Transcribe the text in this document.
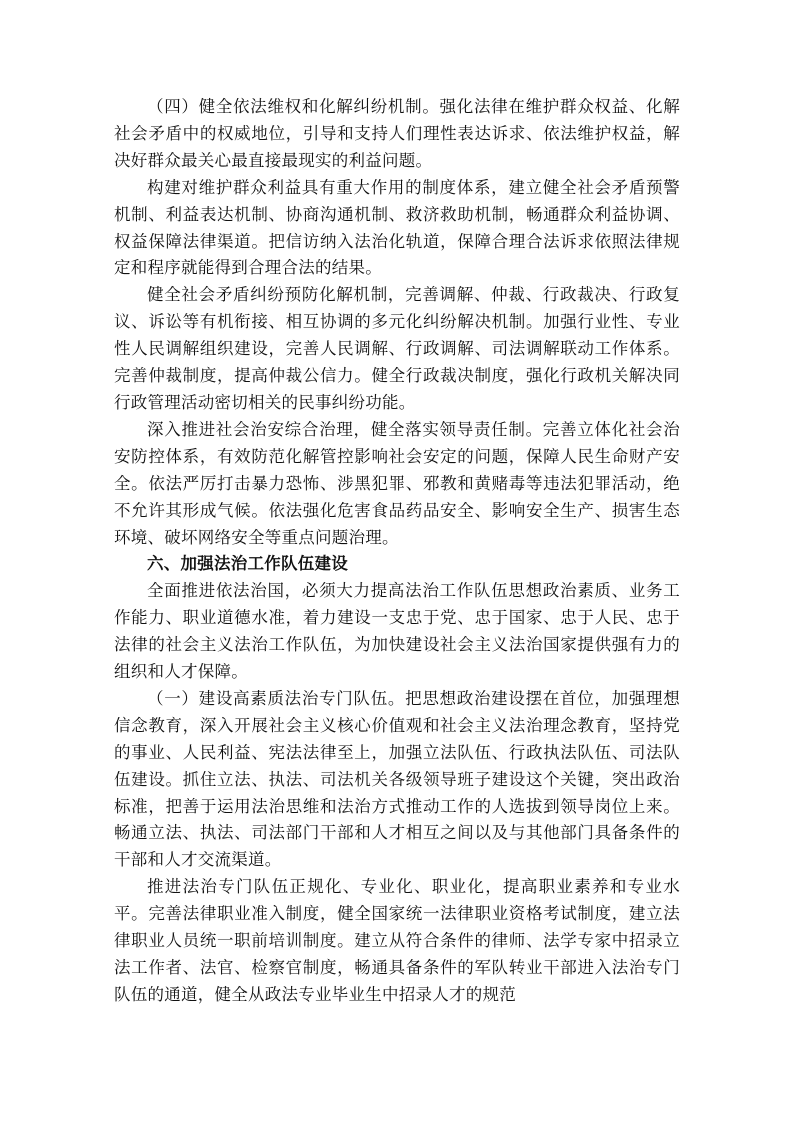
（四）健全依法维权和化解纠纷机制。强化法律在维护群众权益、化解社会矛盾中的权威地位，引导和支持人们理性表达诉求、依法维护权益，解决好群众最关心最直接最现实的利益问题。

构建对维护群众利益具有重大作用的制度体系，建立健全社会矛盾预警机制、利益表达机制、协商沟通机制、救济救助机制，畅通群众利益协调、权益保障法律渠道。把信访纳入法治化轨道，保障合理合法诉求依照法律规定和程序就能得到合理合法的结果。

健全社会矛盾纠纷预防化解机制，完善调解、仲裁、行政裁决、行政复议、诉讼等有机衔接、相互协调的多元化纠纷解决机制。加强行业性、专业性人民调解组织建设，完善人民调解、行政调解、司法调解联动工作体系。完善仲裁制度，提高仲裁公信力。健全行政裁决制度，强化行政机关解决同行政管理活动密切相关的民事纠纷功能。

深入推进社会治安综合治理，健全落实领导责任制。完善立体化社会治安防控体系，有效防范化解管控影响社会安定的问题，保障人民生命财产安全。依法严厉打击暴力恐怖、涉黑犯罪、邪教和黄赌毒等违法犯罪活动，绝不允许其形成气候。依法强化危害食品药品安全、影响安全生产、损害生态环境、破坏网络安全等重点问题治理。

六、加强法治工作队伍建设

全面推进依法治国，必须大力提高法治工作队伍思想政治素质、业务工作能力、职业道德水准，着力建设一支忠于党、忠于国家、忠于人民、忠于法律的社会主义法治工作队伍，为加快建设社会主义法治国家提供强有力的组织和人才保障。

（一）建设高素质法治专门队伍。把思想政治建设摆在首位，加强理想信念教育，深入开展社会主义核心价值观和社会主义法治理念教育，坚持党的事业、人民利益、宪法法律至上，加强立法队伍、行政执法队伍、司法队伍建设。抓住立法、执法、司法机关各级领导班子建设这个关键，突出政治标准，把善于运用法治思维和法治方式推动工作的人选拔到领导岗位上来。畅通立法、执法、司法部门干部和人才相互之间以及与其他部门具备条件的干部和人才交流渠道。

推进法治专门队伍正规化、专业化、职业化，提高职业素养和专业水平。完善法律职业准入制度，健全国家统一法律职业资格考试制度，建立法律职业人员统一职前培训制度。建立从符合条件的律师、法学专家中招录立法工作者、法官、检察官制度，畅通具备条件的军队转业干部进入法治专门队伍的通道，健全从政法专业毕业生中招录人才的规范
